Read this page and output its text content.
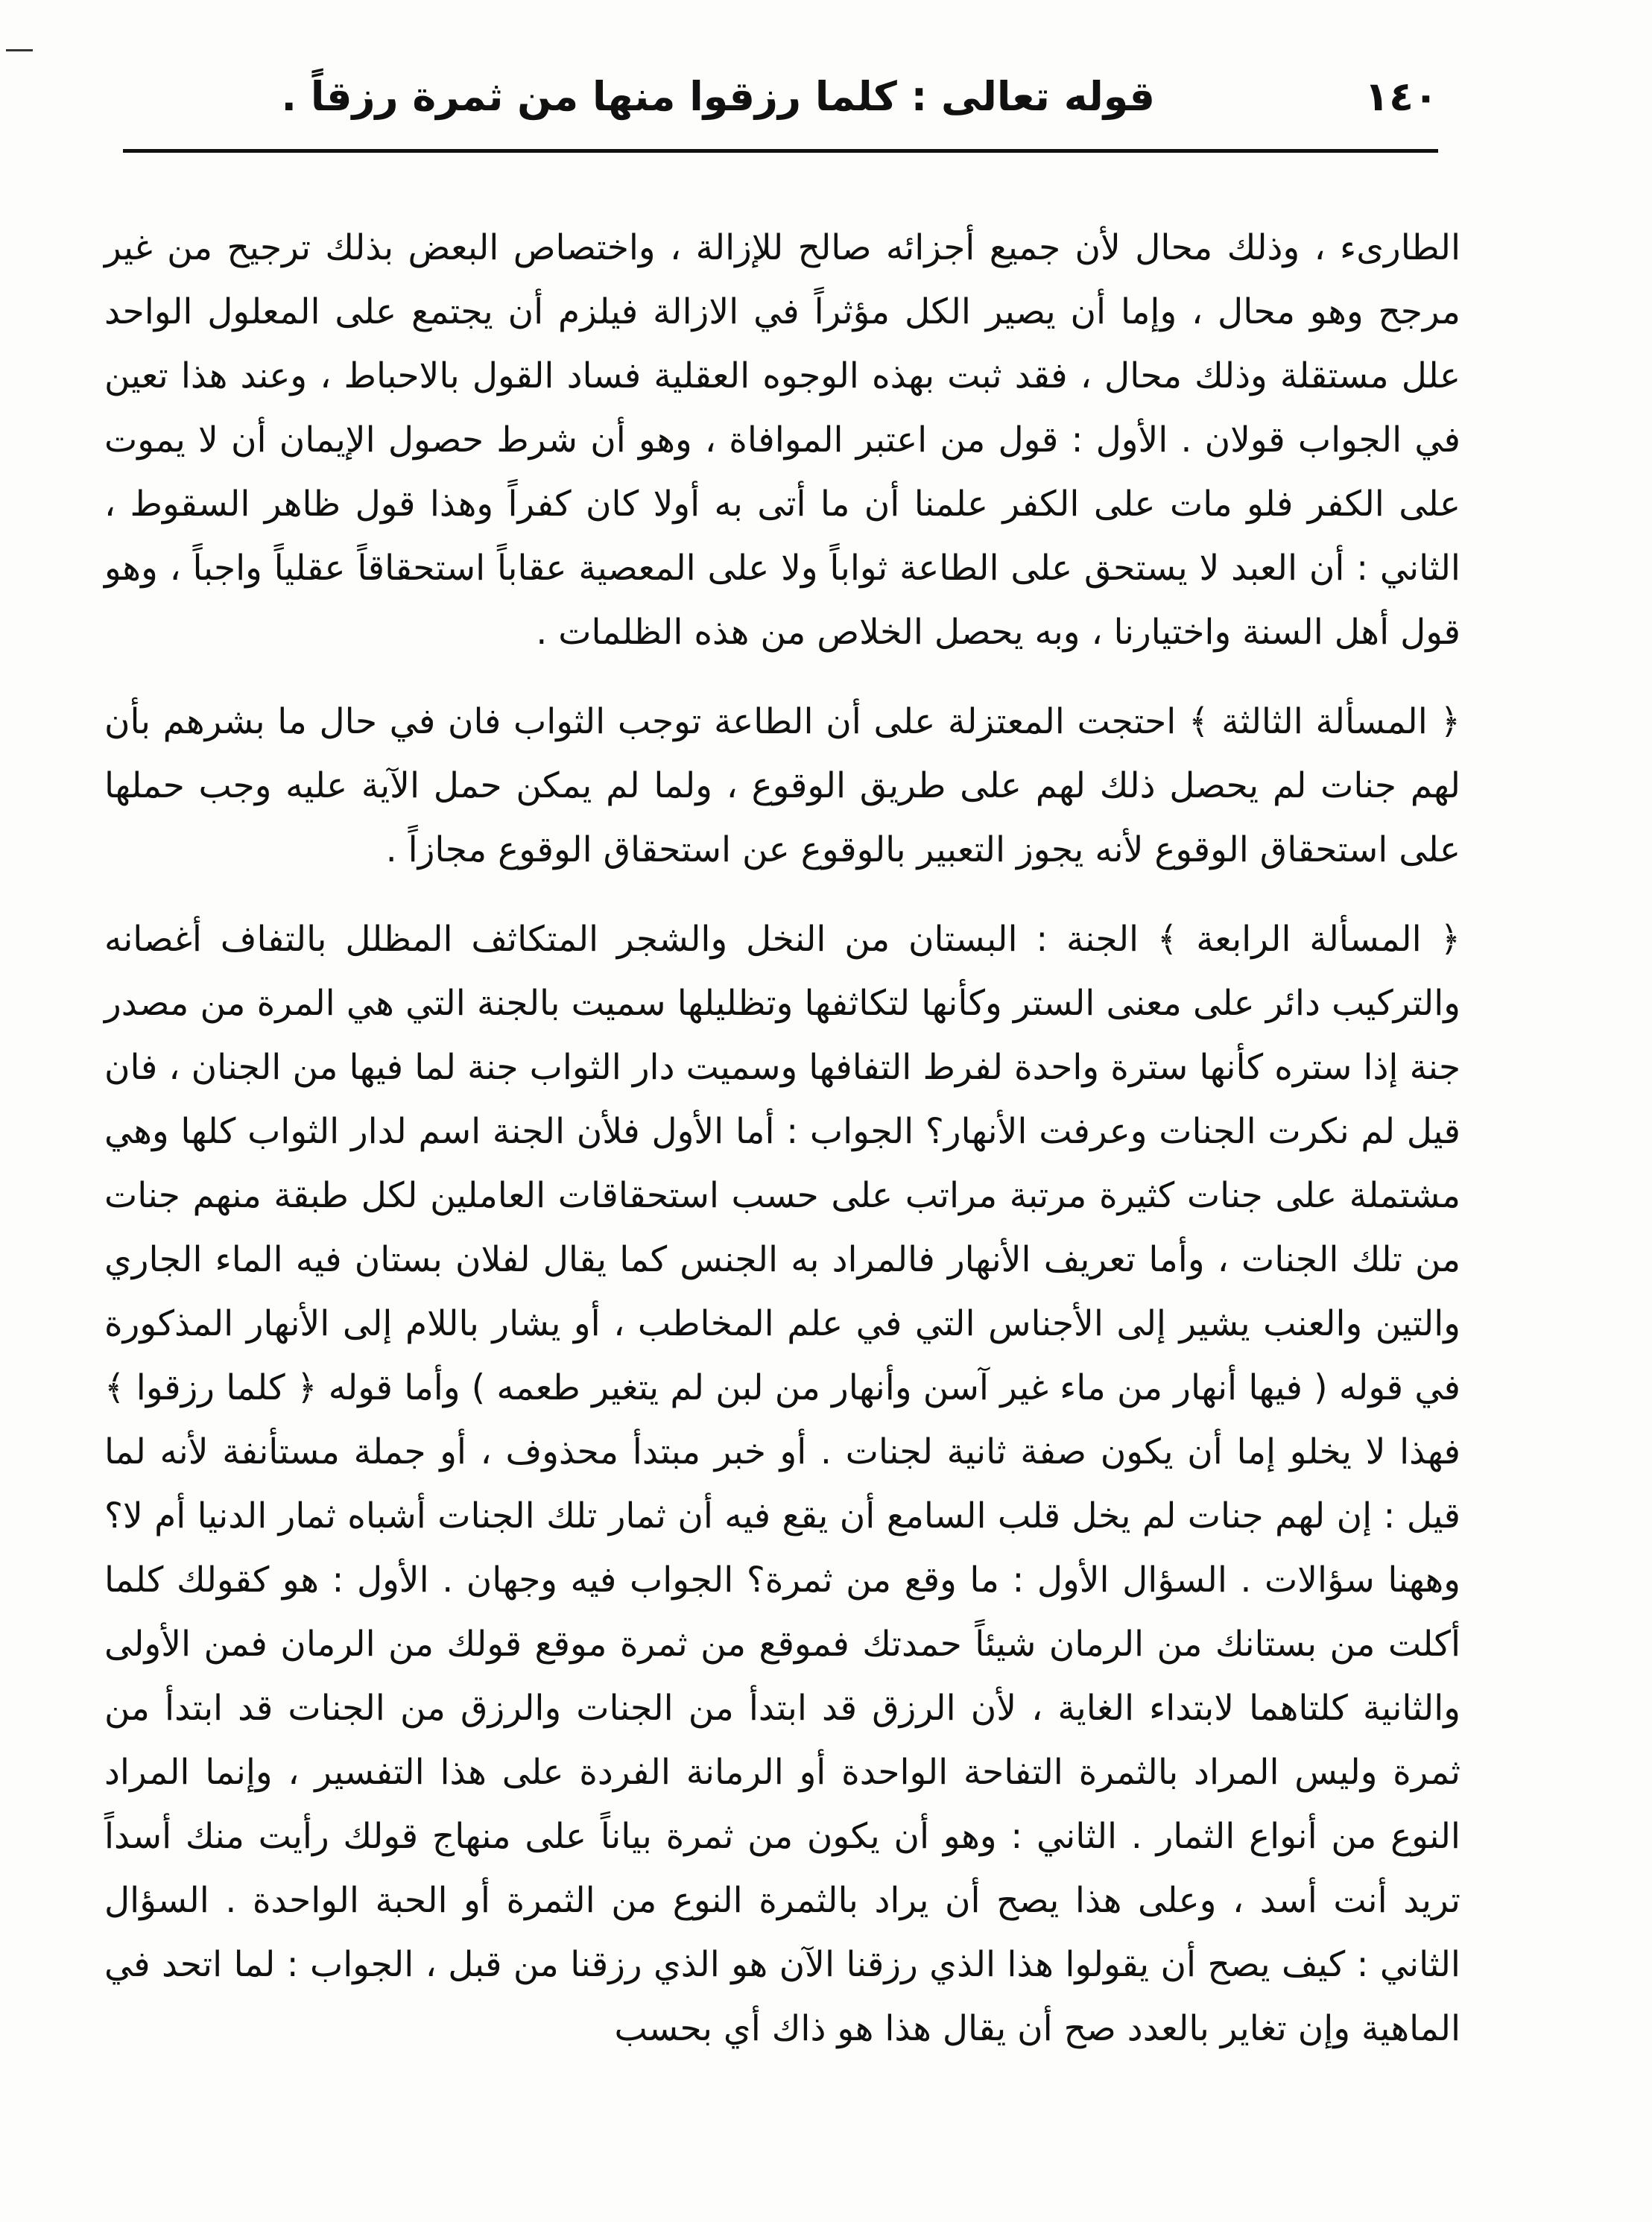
١٤٠
قوله تعالى : كلما رزقوا منها من ثمرة رزقاً .

الطارىء ، وذلك محال لأن جميع أجزائه صالح للإزالة ، واختصاص البعض بذلك ترجيح من غير مرجح وهو محال ، وإما أن يصير الكل مؤثراً في الازالة فيلزم أن يجتمع على المعلول الواحد علل مستقلة وذلك محال ، فقد ثبت بهذه الوجوه العقلية فساد القول بالاحباط ، وعند هذا تعين في الجواب قولان . الأول : قول من اعتبر الموافاة ، وهو أن شرط حصول الإيمان أن لا يموت على الكفر فلو مات على الكفر علمنا أن ما أتى به أولا كان كفراً وهذا قول ظاهر السقوط ، الثاني : أن العبد لا يستحق على الطاعة ثواباً ولا على المعصية عقاباً استحقاقاً عقلياً واجباً ، وهو قول أهل السنة واختيارنا ، وبه يحصل الخلاص من هذه الظلمات .

﴿ المسألة الثالثة ﴾ احتجت المعتزلة على أن الطاعة توجب الثواب فان في حال ما بشرهم بأن لهم جنات لم يحصل ذلك لهم على طريق الوقوع ، ولما لم يمكن حمل الآية عليه وجب حملها على استحقاق الوقوع لأنه يجوز التعبير بالوقوع عن استحقاق الوقوع مجازاً .

﴿ المسألة الرابعة ﴾ الجنة : البستان من النخل والشجر المتكاثف المظلل بالتفاف أغصانه والتركيب دائر على معنى الستر وكأنها لتكاثفها وتظليلها سميت بالجنة التي هي المرة من مصدر جنة إذا ستره كأنها سترة واحدة لفرط التفافها وسميت دار الثواب جنة لما فيها من الجنان ، فان قيل لم نكرت الجنات وعرفت الأنهار؟ الجواب : أما الأول فلأن الجنة اسم لدار الثواب كلها وهي مشتملة على جنات كثيرة مرتبة مراتب على حسب استحقاقات العاملين لكل طبقة منهم جنات من تلك الجنات ، وأما تعريف الأنهار فالمراد به الجنس كما يقال لفلان بستان فيه الماء الجاري والتين والعنب يشير إلى الأجناس التي في علم المخاطب ، أو يشار باللام إلى الأنهار المذكورة في قوله ( فيها أنهار من ماء غير آسن وأنهار من لبن لم يتغير طعمه ) وأما قوله ﴿ كلما رزقوا ﴾ فهذا لا يخلو إما أن يكون صفة ثانية لجنات . أو خبر مبتدأ محذوف ، أو جملة مستأنفة لأنه لما قيل : إن لهم جنات لم يخل قلب السامع أن يقع فيه أن ثمار تلك الجنات أشباه ثمار الدنيا أم لا؟ وههنا سؤالات . السؤال الأول : ما وقع من ثمرة؟ الجواب فيه وجهان . الأول : هو كقولك كلما أكلت من بستانك من الرمان شيئاً حمدتك فموقع من ثمرة موقع قولك من الرمان فمن الأولى والثانية كلتاهما لابتداء الغاية ، لأن الرزق قد ابتدأ من الجنات والرزق من الجنات قد ابتدأ من ثمرة وليس المراد بالثمرة التفاحة الواحدة أو الرمانة الفردة على هذا التفسير ، وإنما المراد النوع من أنواع الثمار . الثاني : وهو أن يكون من ثمرة بياناً على منهاج قولك رأيت منك أسداً تريد أنت أسد ، وعلى هذا يصح أن يراد بالثمرة النوع من الثمرة أو الحبة الواحدة . السؤال الثاني : كيف يصح أن يقولوا هذا الذي رزقنا الآن هو الذي رزقنا من قبل ، الجواب : لما اتحد في الماهية وإن تغاير بالعدد صح أن يقال هذا هو ذاك أي بحسب
